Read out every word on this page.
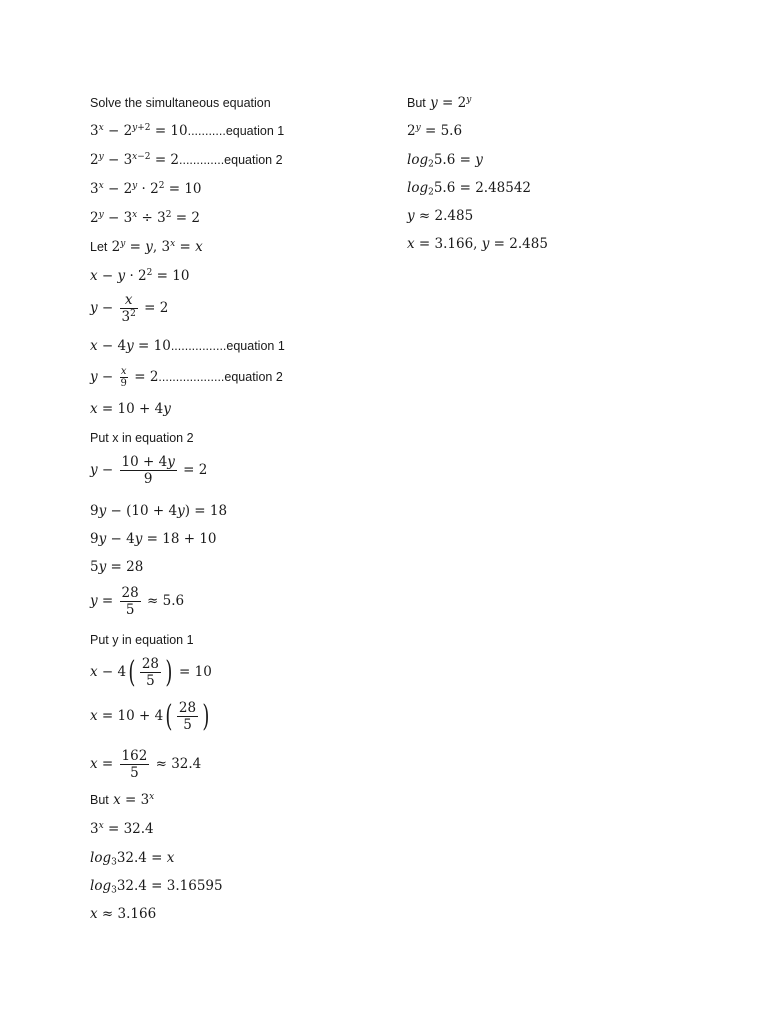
Solve the simultaneous equation
$3^x - 2^{y+2}$ = 10...........equation 1
$2^y - 3^{x-2}$ = 2.............equation 2
$3^x - 2^y \cdot 2^2 = 10$
$2^y - 3^x \div 3^2 = 2$
Let $2^y = y$, $3^x = x$
$x - y \cdot 2^2 = 10$
$y - \frac{x}{3^2} = 2$
x − 4y = 10................equation 1
$y - \frac{x}{9}$ = 2...................equation 2
x = 10 + 4y
Put x in equation 2
$y - \frac{10 + 4y}{9} = 2$
9y − (10 + 4y) = 18
9y − 4y = 18 + 10
5y = 28
$y = \frac{28}{5} \approx 5.6$
Put y in equation 1
$x - 4( \frac{28}{5}$ ) = 10
$x = 10 + 4( \frac{28}{5}$ )
$x = \frac{162}{5} \approx 32.4$
But $x = 3^x$
$3^x = 32.4$
$\log_332.4 = x$
$\log_332.4 = 3.16595$
x ≈ 3.166
But $y = 2^y$
$2^y = 5.6$
$\log_25.6 = y$
$\log_25.6 = 2.48542$
y ≈ 2.485
x = 3.166, y = 2.485
